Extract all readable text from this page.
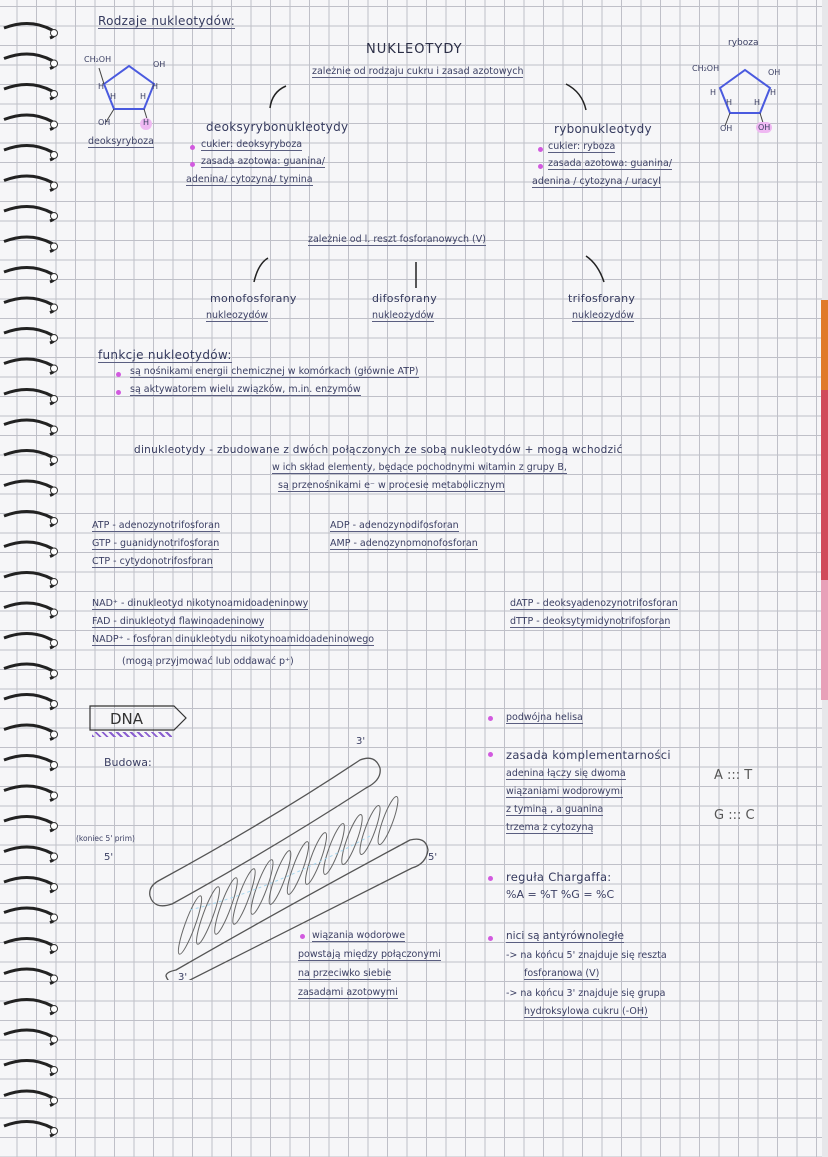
Rodzaje nukleotydów:
NUKLEOTYDY
zależnie od rodzaju cukru i zasad azotowych
CH₂OH
OH
H
H	H
H
OH	H
deoksyryboza
ryboza
CH₂OH	OH
H
H	H
H
OH	OH
deoksyrybonukleotydy
cukier: deoksyryboza
zasada azotowa: guanina/
adenina/ cytozyna/ tymina
rybonukleotydy
cukier: ryboza
zasada azotowa: guanina/
adenina / cytozyna / uracyl
zależnie od l. reszt fosforanowych (V)
monofosforany
nukleozydów
difosforany
nukleozydów
trifosforany
nukleozydów
funkcje nukleotydów:
są nośnikami energii chemicznej w komórkach (głównie ATP)
są aktywatorem wielu związków, m.in. enzymów
dinukleotydy - zbudowane z dwóch połączonych ze sobą nukleotydów + mogą wchodzić
w ich skład elementy, będące pochodnymi witamin z grupy B,
są przenośnikami e⁻ w procesie metabolicznym
ATP - adenozynotrifosforan
GTP - guanidynotrifosforan
CTP - cytydonotrifosforan
ADP - adenozynodifosforan
AMP - adenozynomonofosforan
NAD⁺ - dinukleotyd nikotynoamidoadeninowy
FAD - dinukleotyd flawinoadeninowy
NADP⁺ - fosforan dinukleotydu nikotynoamidoadeninowego
(mogą przyjmować lub oddawać p⁺)
dATP - deoksyadenozynotrifosforan
dTTP - deoksytymidynotrifosforan
DNA
Budowa:
(koniec 5' prim)
5'
3'
5'
3'
wiązania wodorowe
powstają między połączonymi
na przeciwko siebie
zasadami azotowymi
podwójna helisa
zasada komplementarności
adenina łączy się dwoma
wiązaniami wodorowymi
z tyminą , a guanina
trzema z cytozyną
A ::: T
G ::: C
reguła Chargaffa:
%A = %T %G = %C
nici są antyrównoległe
-> na końcu 5' znajduje się reszta
fosforanowa (V)
-> na końcu 3' znajduje się grupa
hydroksylowa cukru (-OH)
